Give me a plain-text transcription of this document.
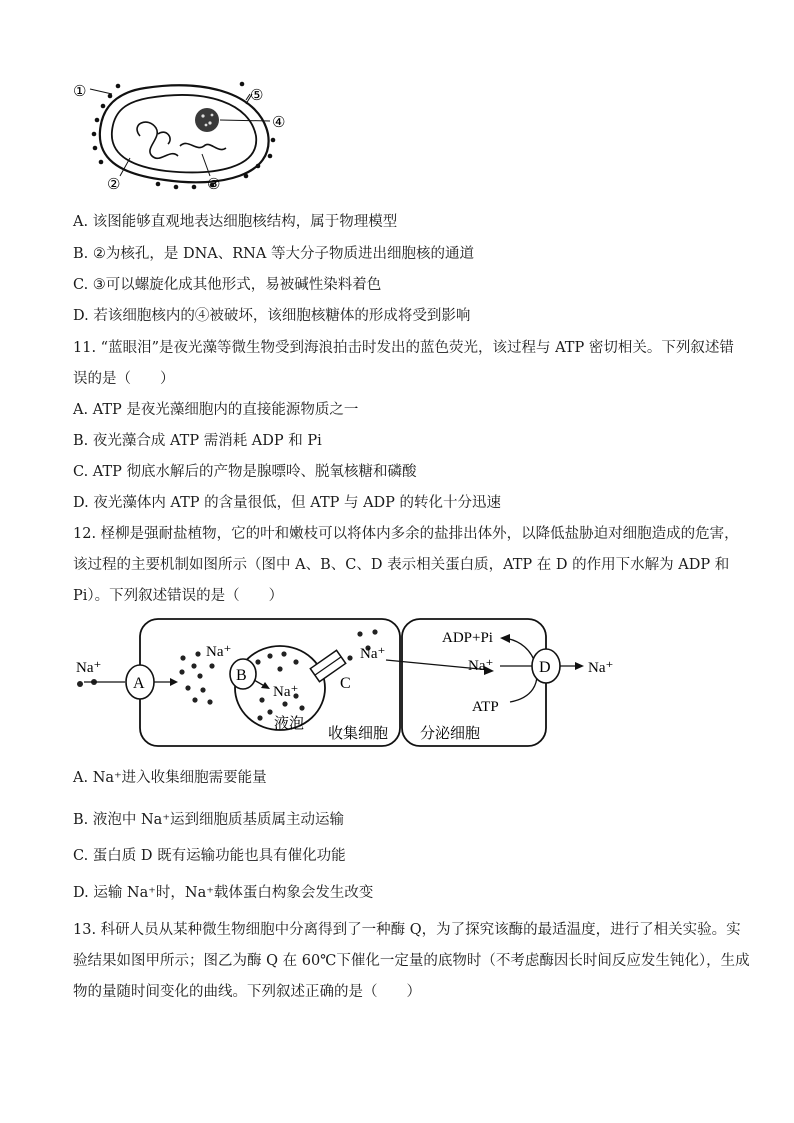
①
②	③
④
⑤
A. 该图能够直观地表达细胞核结构，属于物理模型
B. ②为核孔，是 DNA、RNA 等大分子物质进出细胞核的通道
C. ③可以螺旋化成其他形式，易被碱性染料着色
D. 若该细胞核内的④被破坏，该细胞核糖体的形成将受到影响
11. “蓝眼泪”是夜光藻等微生物受到海浪拍击时发出的蓝色荧光，该过程与 ATP 密切相关。下列叙述错
误的是（　　）
A. ATP 是夜光藻细胞内的直接能源物质之一
B. 夜光藻合成 ATP 需消耗 ADP 和 Pi
C. ATP 彻底水解后的产物是腺嘌呤、脱氧核糖和磷酸
D. 夜光藻体内 ATP 的含量很低，但 ATP 与 ADP 的转化十分迅速
12. 柽柳是强耐盐植物，它的叶和嫩枝可以将体内多余的盐排出体外，以降低盐胁迫对细胞造成的危害，
该过程的主要机制如图所示（图中 A、B、C、D 表示相关蛋白质，ATP 在 D 的作用下水解为 ADP 和
Pi）。下列叙述错误的是（　　）
Na⁺
A
Na⁺
B
Na⁺
液泡
C
Na⁺
ADP+Pi
Na⁺
ATP
D Na⁺
收集细胞 分泌细胞
A. Na⁺进入收集细胞需要能量
B. 液泡中 Na⁺运到细胞质基质属主动运输
C. 蛋白质 D 既有运输功能也具有催化功能
D. 运输 Na⁺时，Na⁺载体蛋白构象会发生改变
13. 科研人员从某种微生物细胞中分离得到了一种酶 Q，为了探究该酶的最适温度，进行了相关实验。实
验结果如图甲所示；图乙为酶 Q 在 60℃下催化一定量的底物时（不考虑酶因长时间反应发生钝化），生成
物的量随时间变化的曲线。下列叙述正确的是（　　）
